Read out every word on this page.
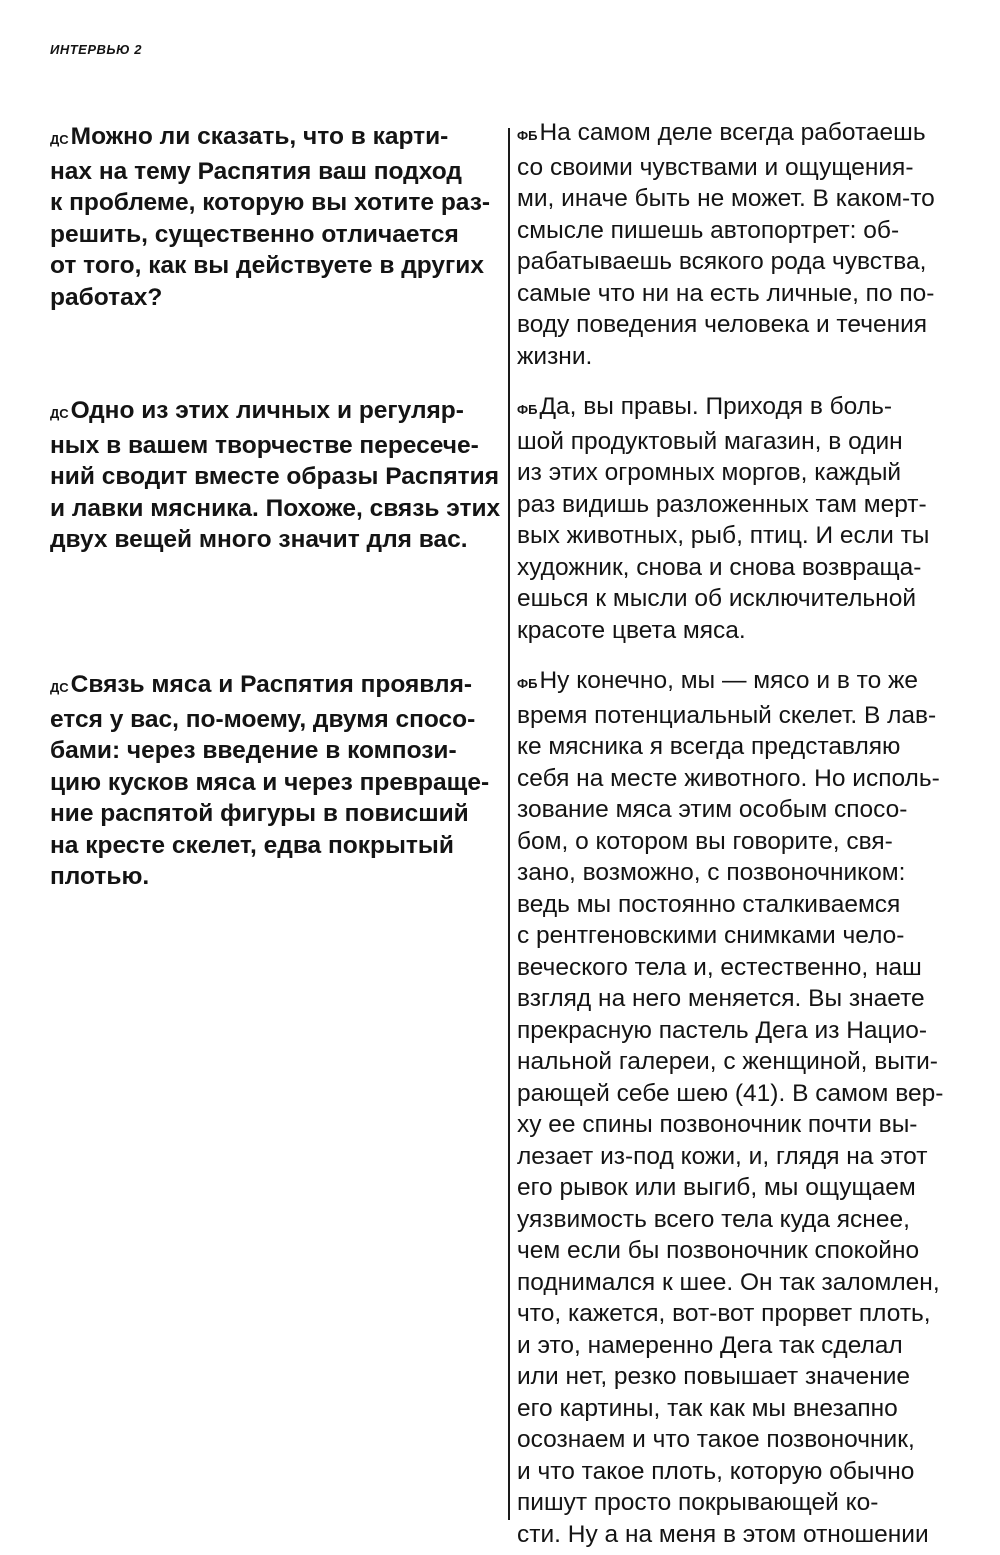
ИНТЕРВЬЮ 2

ДСМожно ли сказать, что в карти-
нах на тему Распятия ваш подход
к проблеме, которую вы хотите раз-
решить, существенно отличается
от того, как вы действуете в других
работах?

ФБНа самом деле всегда работаешь
со своими чувствами и ощущения-
ми, иначе быть не может. В каком-то
смысле пишешь автопортрет: об-
рабатываешь всякого рода чувства,
самые что ни на есть личные, по по-
воду поведения человека и течения
жизни.

ДСОдно из этих личных и регуляр-
ных в вашем творчестве пересече-
ний сводит вместе образы Распятия
и лавки мясника. Похоже, связь этих
двух вещей много значит для вас.

ФБДа, вы правы. Приходя в боль-
шой продуктовый магазин, в один
из этих огромных моргов, каждый
раз видишь разложенных там мерт-
вых животных, рыб, птиц. И если ты
художник, снова и снова возвраща-
ешься к мысли об исключительной
красоте цвета мяса.

ДССвязь мяса и Распятия проявля-
ется у вас, по-моему, двумя спосо-
бами: через введение в компози-
цию кусков мяса и через превраще-
ние распятой фигуры в повисший
на кресте скелет, едва покрытый
плотью.

ФБНу конечно, мы — мясо и в то же
время потенциальный скелет. В лав-
ке мясника я всегда представляю
себя на месте животного. Но исполь-
зование мяса этим особым спосо-
бом, о котором вы говорите, свя-
зано, возможно, с позвоночником:
ведь мы постоянно сталкиваемся
с рентгеновскими снимками чело-
веческого тела и, естественно, наш
взгляд на него меняется. Вы знаете
прекрасную пастель Дега из Нацио-
нальной галереи, с женщиной, выти-
рающей себе шею (41). В самом вер-
ху ее спины позвоночник почти вы-
лезает из-под кожи, и, глядя на этот
его рывок или выгиб, мы ощущаем
уязвимость всего тела куда яснее,
чем если бы позвоночник спокойно
поднимался к шее. Он так заломлен,
что, кажется, вот-вот прорвет плоть,
и это, намеренно Дега так сделал
или нет, резко повышает значение
его картины, так как мы внезапно
осознаем и что такое позвоночник,
и что такое плоть, которую обычно
пишут просто покрывающей ко-
сти. Ну а на меня в этом отношении
